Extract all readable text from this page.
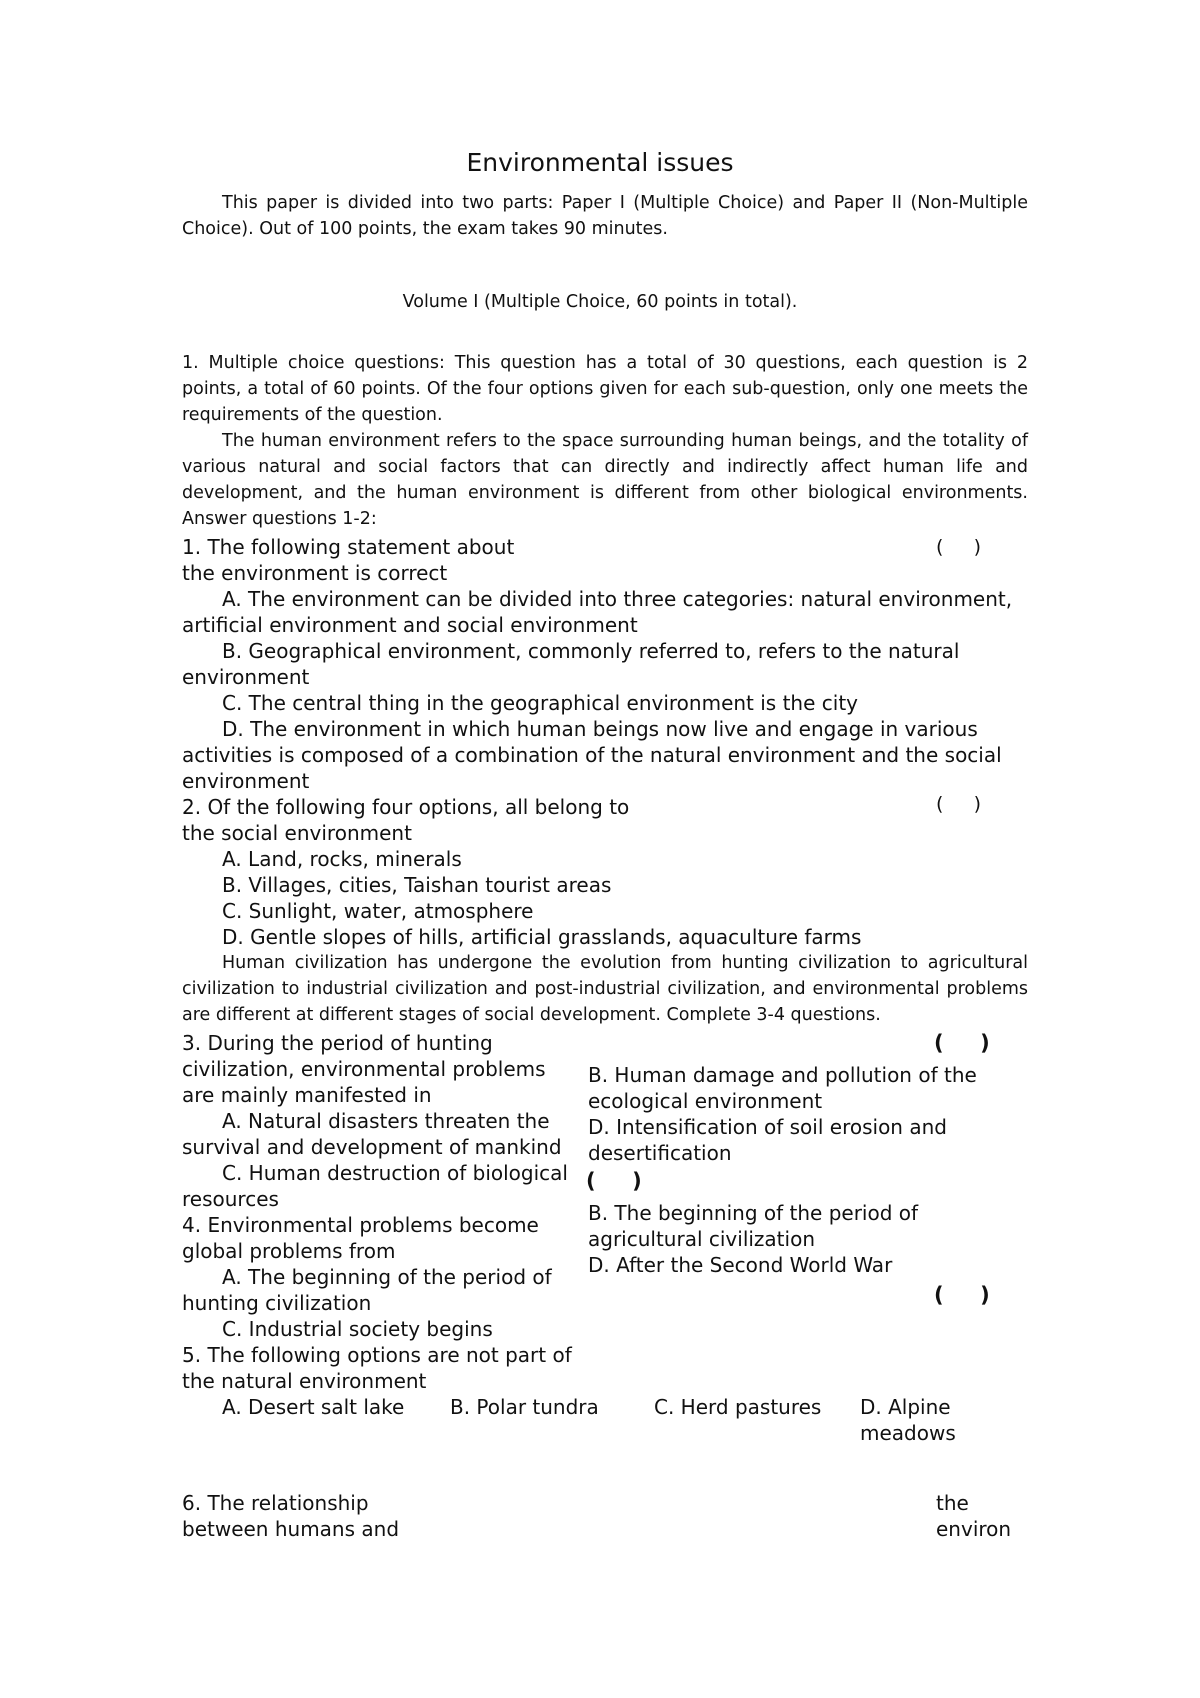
Environmental issues

This paper is divided into two parts: Paper I (Multiple Choice) and Paper II (Non-Multiple Choice). Out of 100 points, the exam takes 90 minutes.

Volume I (Multiple Choice, 60 points in total).

1. Multiple choice questions: This question has a total of 30 questions, each question is 2 points, a total of 60 points. Of the four options given for each sub-question, only one meets the requirements of the question.

The human environment refers to the space surrounding human beings, and the totality of various natural and social factors that can directly and indirectly affect human life and development, and the human environment is different from other biological environments. Answer questions 1-2:

1. The following statement about

the environment is correct

(     )

A. The environment can be divided into three categories: natural environment,

artificial environment and social environment

B. Geographical environment, commonly referred to, refers to the natural

environment

C. The central thing in the geographical environment is the city

D. The environment in which human beings now live and engage in various

activities is composed of a combination of the natural environment and the social

environment

2. Of the following four options, all belong to

the social environment

(     )

A. Land, rocks, minerals

B. Villages, cities, Taishan tourist areas

C. Sunlight, water, atmosphere

D. Gentle slopes of hills, artificial grasslands, aquaculture farms

Human civilization has undergone the evolution from hunting civilization to agricultural civilization to industrial civilization and post-industrial civilization, and environmental problems are different at different stages of social development. Complete 3-4 questions.

3. During the period of hunting

civilization, environmental problems

are mainly manifested in

(     )

B. Human damage and pollution of the

ecological environment

A. Natural disasters threaten the

survival and development of mankind

D. Intensification of soil erosion and

desertification

C. Human destruction of biological

resources

(     )

4. Environmental problems become

global problems from

B. The beginning of the period of

agricultural civilization

D. After the Second World War

A. The beginning of the period of

hunting civilization

C. Industrial society begins

(     )

5. The following options are not part of

the natural environment

A. Desert salt lake B. Polar tundra	C. Herd pastures D. Alpine

meadows

6. The relationship

between humans and

the

environ
